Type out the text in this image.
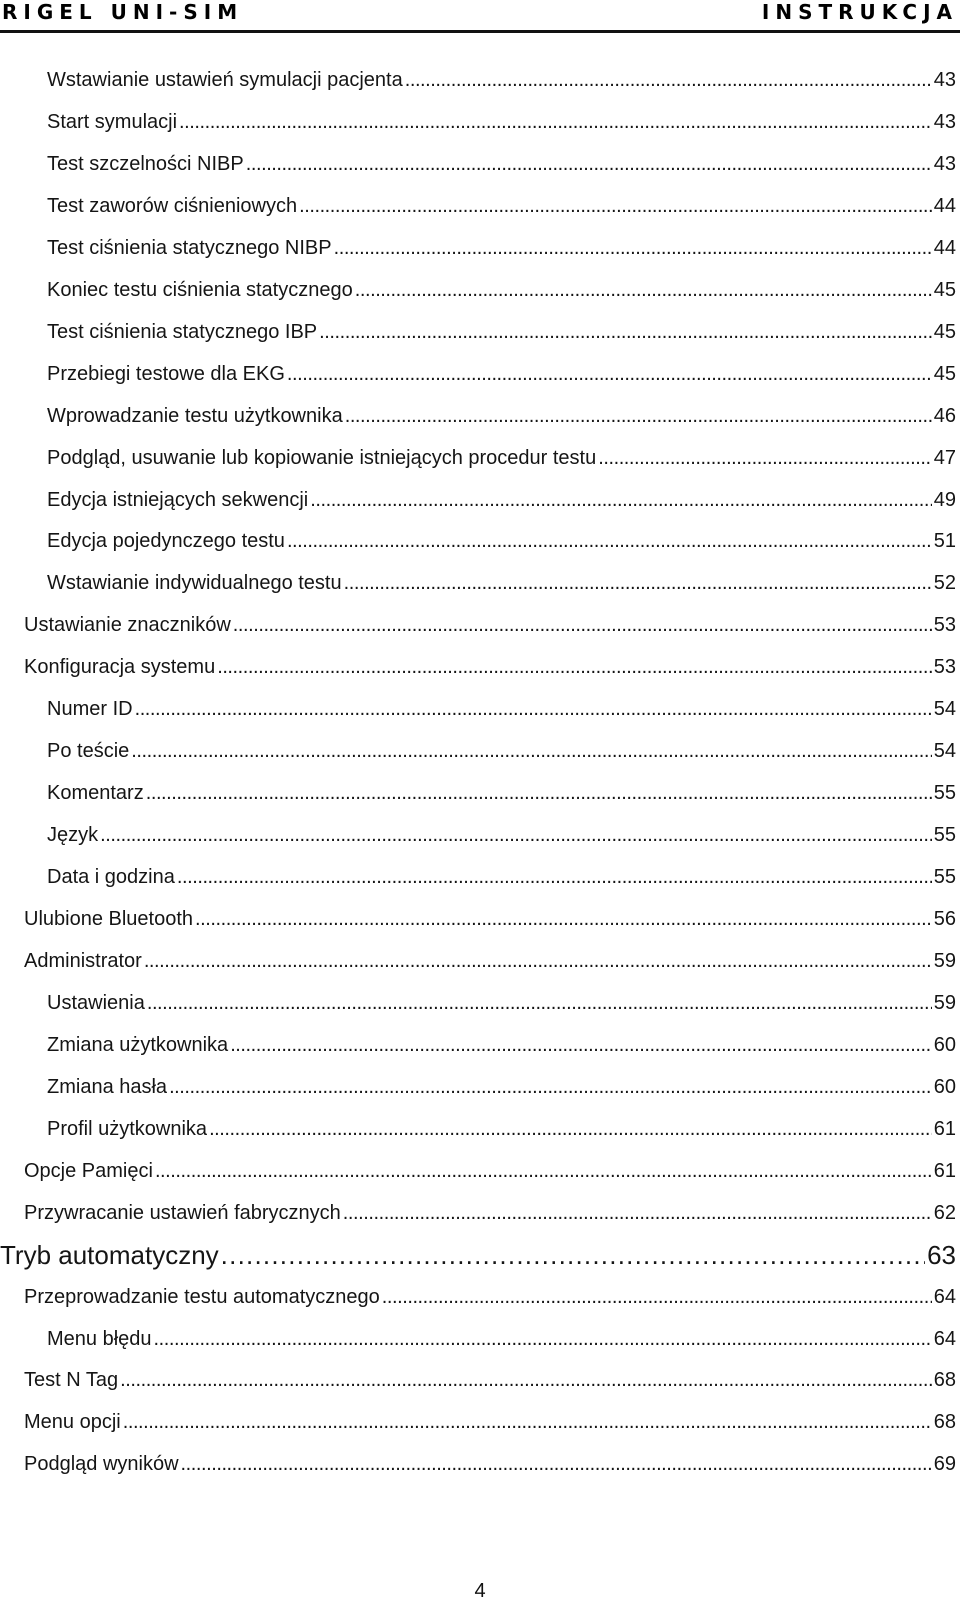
RIGEL UNI-SIM	INSTRUKCJA
Wstawianie ustawień symulacji pacjenta . . .	43
Start symulacji . . .	43
Test szczelności NIBP . . .	43
Test zaworów ciśnieniowych . . .	44
Test ciśnienia statycznego NIBP . . .	44
Koniec testu ciśnienia statycznego . . .	45
Test ciśnienia statycznego IBP . . .	45
Przebiegi testowe dla EKG . . .	45
Wprowadzanie testu użytkownika . . .	46
Podgląd, usuwanie lub kopiowanie istniejących procedur testu . . .	47
Edycja istniejących sekwencji . . .	49
Edycja pojedynczego testu . . .	51
Wstawianie indywidualnego testu . . .	52
Ustawianie znaczników . . .	53
Konfiguracja systemu . . .	53
Numer ID . . .	54
Po teście . . .	54
Komentarz . . .	55
Język . . .	55
Data i godzina . . .	55
Ulubione Bluetooth . . .	56
Administrator . . .	59
Ustawienia . . .	59
Zmiana użytkownika . . .	60
Zmiana hasła . . .	60
Profil użytkownika . . .	61
Opcje Pamięci . . .	61
Przywracanie ustawień fabrycznych . . .	62
Tryb automatyczny . . .	63
Przeprowadzanie testu automatycznego . . .	64
Menu błędu . . .	64
Test N Tag . . .	68
Menu opcji . . .	68
Podgląd wyników . . .	69
4
